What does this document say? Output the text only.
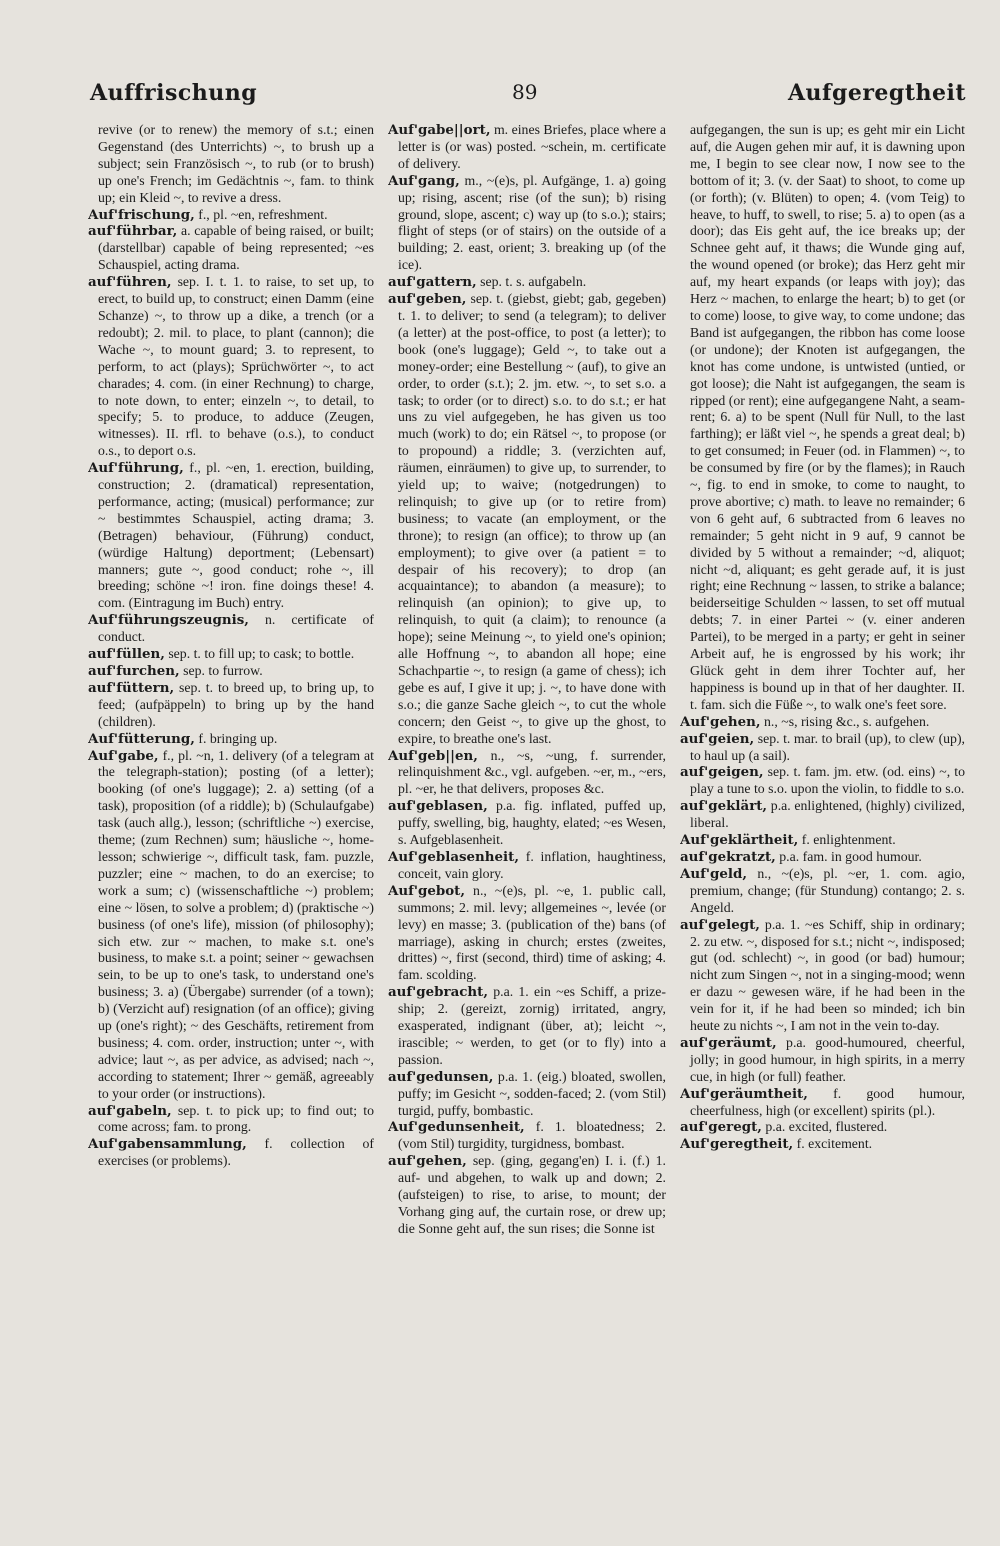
Auffrischung	89	Aufgeregtheit

revive (or to renew) the memory of s.t.; einen Gegenstand (des Unterrichts) ~, to brush up a subject; sein Französisch ~, to rub (or to brush) up one's French; im Gedächtnis ~, fam. to think up; ein Kleid ~, to revive a dress.

Auf'frischung, f., pl. ~en, refreshment.

auf'führbar, a. capable of being raised, or built; (darstellbar) capable of being represented; ~es Schauspiel, acting drama.

auf'führen, sep. I. t. 1. to raise, to set up, to erect, to build up, to construct; einen Damm (eine Schanze) ~, to throw up a dike, a trench (or a redoubt); 2. mil. to place, to plant (cannon); die Wache ~, to mount guard; 3. to represent, to perform, to act (plays); Sprüchwörter ~, to act charades; 4. com. (in einer Rechnung) to charge, to note down, to enter; einzeln ~, to detail, to specify; 5. to produce, to adduce (Zeugen, witnesses). II. rfl. to behave (o.s.), to conduct o.s., to deport o.s.

Auf'führung, f., pl. ~en, 1. erection, building, construction; 2. (dramatical) representation, performance, acting; (musical) performance; zur ~ bestimmtes Schauspiel, acting drama; 3. (Betragen) behaviour, (Führung) conduct, (würdige Haltung) deportment; (Lebensart) manners; gute ~, good conduct; rohe ~, ill breeding; schöne ~! iron. fine doings these! 4. com. (Eintragung im Buch) entry.

Auf'führungszeugnis, n. certificate of conduct.

auf'füllen, sep. t. to fill up; to cask; to bottle.

auf'furchen, sep. to furrow.

auf'füttern, sep. t. to breed up, to bring up, to feed; (aufpäppeln) to bring up by the hand (children).

Auf'fütterung, f. bringing up.

Auf'gabe, f., pl. ~n, 1. delivery (of a telegram at the telegraph-station); posting (of a letter); booking (of one's luggage); 2. a) setting (of a task), proposition (of a riddle); b) (Schulaufgabe) task (auch allg.), lesson; (schriftliche ~) exercise, theme; (zum Rechnen) sum; häusliche ~, home-lesson; schwierige ~, difficult task, fam. puzzle, puzzler; eine ~ machen, to do an exercise; to work a sum; c) (wissenschaftliche ~) problem; eine ~ lösen, to solve a problem; d) (praktische ~) business (of one's life), mission (of philosophy); sich etw. zur ~ machen, to make s.t. one's business, to make s.t. a point; seiner ~ gewachsen sein, to be up to one's task, to understand one's business; 3. a) (Übergabe) surrender (of a town); b) (Verzicht auf) resignation (of an office); giving up (one's right); ~ des Geschäfts, retirement from business; 4. com. order, instruction; unter ~, with advice; laut ~, as per advice, as advised; nach ~, according to statement; Ihrer ~ gemäß, agreeably to your order (or instructions).

auf'gabeln, sep. t. to pick up; to find out; to come across; fam. to prong.

Auf'gabensammlung, f. collection of exercises (or problems).

Auf'gabe||ort, m. eines Briefes, place where a letter is (or was) posted. ~schein, m. certificate of delivery.

Auf'gang, m., ~(e)s, pl. Aufgänge, 1. a) going up; rising, ascent; rise (of the sun); b) rising ground, slope, ascent; c) way up (to s.o.); stairs; flight of steps (or of stairs) on the outside of a building; 2. east, orient; 3. breaking up (of the ice).

auf'gattern, sep. t. s. aufgabeln.

auf'geben, sep. t. (giebst, giebt; gab, gegeben) t. 1. to deliver; to send (a telegram); to deliver (a letter) at the post-office, to post (a letter); to book (one's luggage); Geld ~, to take out a money-order; eine Bestellung ~ (auf), to give an order, to order (s.t.); 2. jm. etw. ~, to set s.o. a task; to order (or to direct) s.o. to do s.t.; er hat uns zu viel aufgegeben, he has given us too much (work) to do; ein Rätsel ~, to propose (or to propound) a riddle; 3. (verzichten auf, räumen, einräumen) to give up, to surrender, to yield up; to waive; (notgedrungen) to relinquish; to give up (or to retire from) business; to vacate (an employment, or the throne); to resign (an office); to throw up (an employment); to give over (a patient = to despair of his recovery); to drop (an acquaintance); to abandon (a measure); to relinquish (an opinion); to give up, to relinquish, to quit (a claim); to renounce (a hope); seine Meinung ~, to yield one's opinion; alle Hoffnung ~, to abandon all hope; eine Schachpartie ~, to resign (a game of chess); ich gebe es auf, I give it up; j. ~, to have done with s.o.; die ganze Sache gleich ~, to cut the whole concern; den Geist ~, to give up the ghost, to expire, to breathe one's last.

Auf'geb||en, n., ~s, ~ung, f. surrender, relinquishment &c., vgl. aufgeben. ~er, m., ~ers, pl. ~er, he that delivers, proposes &c.

auf'geblasen, p.a. fig. inflated, puffed up, puffy, swelling, big, haughty, elated; ~es Wesen, s. Aufgeblasenheit.

Auf'geblasenheit, f. inflation, haughtiness, conceit, vain glory.

Auf'gebot, n., ~(e)s, pl. ~e, 1. public call, summons; 2. mil. levy; allgemeines ~, levée (or levy) en masse; 3. (publication of the) bans (of marriage), asking in church; erstes (zweites, drittes) ~, first (second, third) time of asking; 4. fam. scolding.

auf'gebracht, p.a. 1. ein ~es Schiff, a prize-ship; 2. (gereizt, zornig) irritated, angry, exasperated, indignant (über, at); leicht ~, irascible; ~ werden, to get (or to fly) into a passion.

auf'gedunsen, p.a. 1. (eig.) bloated, swollen, puffy; im Gesicht ~, sodden-faced; 2. (vom Stil) turgid, puffy, bombastic.

Auf'gedunsenheit, f. 1. bloatedness; 2. (vom Stil) turgidity, turgidness, bombast.

auf'gehen, sep. (ging, gegang'en) I. i. (f.) 1. auf- und abgehen, to walk up and down; 2. (aufsteigen) to rise, to arise, to mount; der Vorhang ging auf, the curtain rose, or drew up; die Sonne geht auf, the sun rises; die Sonne ist

aufgegangen, the sun is up; es geht mir ein Licht auf, die Augen gehen mir auf, it is dawning upon me, I begin to see clear now, I now see to the bottom of it; 3. (v. der Saat) to shoot, to come up (or forth); (v. Blüten) to open; 4. (vom Teig) to heave, to huff, to swell, to rise; 5. a) to open (as a door); das Eis geht auf, the ice breaks up; der Schnee geht auf, it thaws; die Wunde ging auf, the wound opened (or broke); das Herz geht mir auf, my heart expands (or leaps with joy); das Herz ~ machen, to enlarge the heart; b) to get (or to come) loose, to give way, to come undone; das Band ist aufgegangen, the ribbon has come loose (or undone); der Knoten ist aufgegangen, the knot has come undone, is untwisted (untied, or got loose); die Naht ist aufgegangen, the seam is ripped (or rent); eine aufgegangene Naht, a seam-rent; 6. a) to be spent (Null für Null, to the last farthing); er läßt viel ~, he spends a great deal; b) to get consumed; in Feuer (od. in Flammen) ~, to be consumed by fire (or by the flames); in Rauch ~, fig. to end in smoke, to come to naught, to prove abortive; c) math. to leave no remainder; 6 von 6 geht auf, 6 subtracted from 6 leaves no remainder; 5 geht nicht in 9 auf, 9 cannot be divided by 5 without a remainder; ~d, aliquot; nicht ~d, aliquant; es geht gerade auf, it is just right; eine Rechnung ~ lassen, to strike a balance; beiderseitige Schulden ~ lassen, to set off mutual debts; 7. in einer Partei ~ (v. einer anderen Partei), to be merged in a party; er geht in seiner Arbeit auf, he is engrossed by his work; ihr Glück geht in dem ihrer Tochter auf, her happiness is bound up in that of her daughter. II. t. fam. sich die Füße ~, to walk one's feet sore.

Auf'gehen, n., ~s, rising &c., s. aufgehen.

auf'geien, sep. t. mar. to brail (up), to clew (up), to haul up (a sail).

auf'geigen, sep. t. fam. jm. etw. (od. eins) ~, to play a tune to s.o. upon the violin, to fiddle to s.o.

auf'geklärt, p.a. enlightened, (highly) civilized, liberal.

Auf'geklärtheit, f. enlightenment.

auf'gekratzt, p.a. fam. in good humour.

Auf'geld, n., ~(e)s, pl. ~er, 1. com. agio, premium, change; (für Stundung) contango; 2. s. Angeld.

auf'gelegt, p.a. 1. ~es Schiff, ship in ordinary; 2. zu etw. ~, disposed for s.t.; nicht ~, indisposed; gut (od. schlecht) ~, in good (or bad) humour; nicht zum Singen ~, not in a singing-mood; wenn er dazu ~ gewesen wäre, if he had been in the vein for it, if he had been so minded; ich bin heute zu nichts ~, I am not in the vein to-day.

auf'geräumt, p.a. good-humoured, cheerful, jolly; in good humour, in high spirits, in a merry cue, in high (or full) feather.

Auf'geräumtheit, f. good humour, cheerfulness, high (or excellent) spirits (pl.).

auf'geregt, p.a. excited, flustered.

Auf'geregtheit, f. excitement.
